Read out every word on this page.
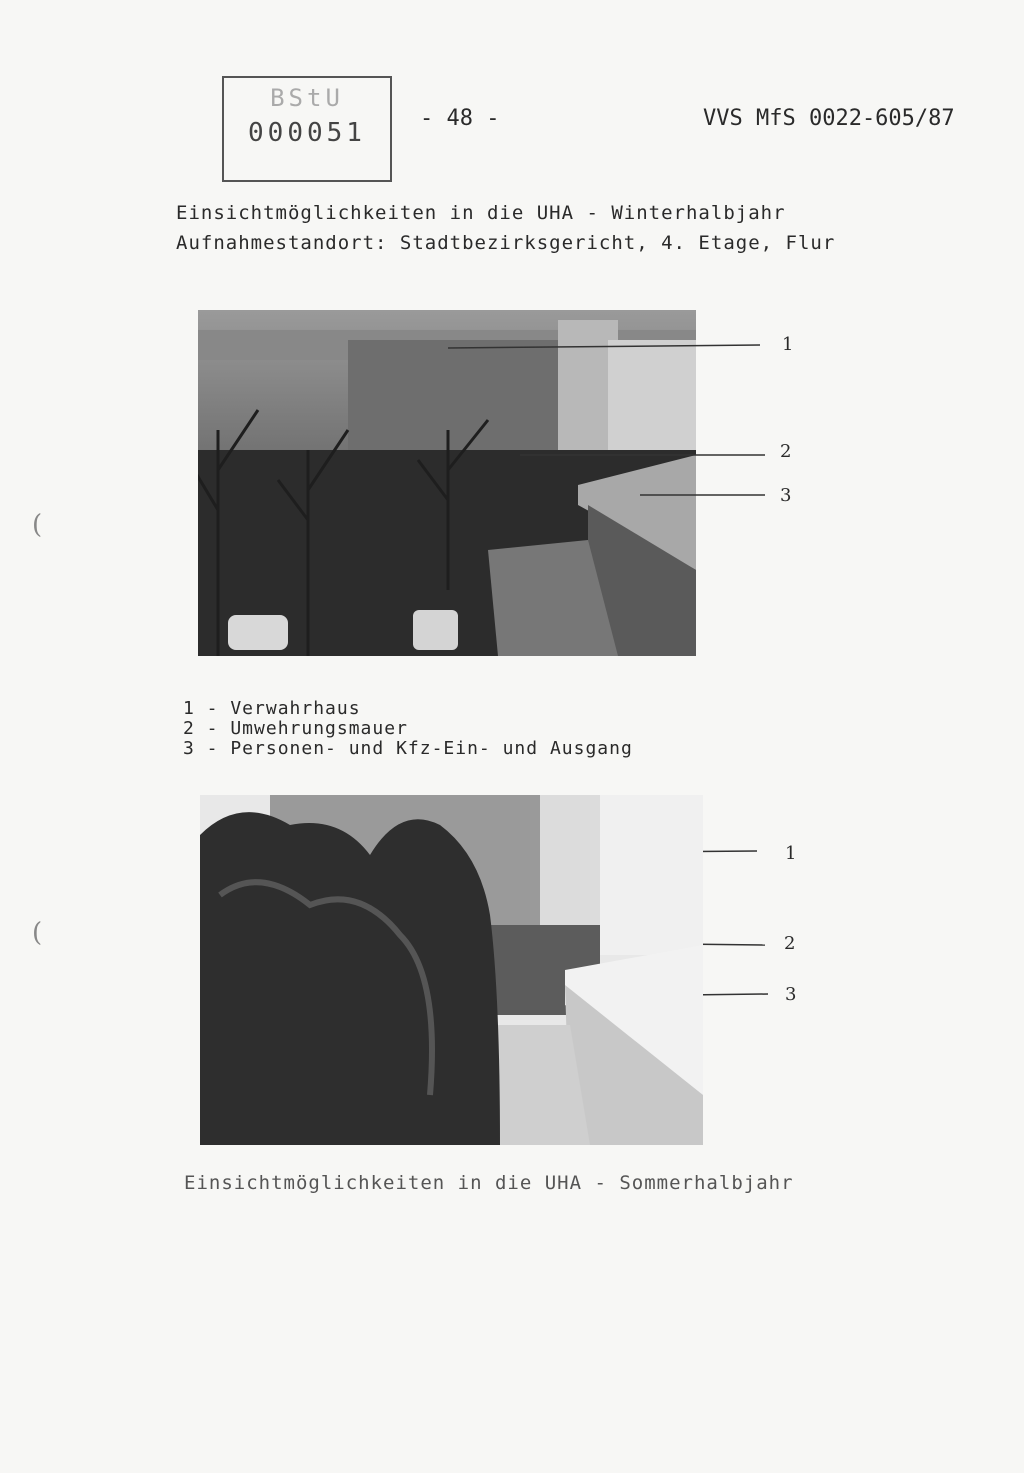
BStU
000051	- 48 -	VVS MfS 0022-605/87
Einsichtmöglichkeiten in die UHA - Winterhalbjahr
Aufnahmestandort: Stadtbezirksgericht, 4. Etage, Flur
1
2
3
1 - Verwahrhaus
2 - Umwehrungsmauer
3 - Personen- und Kfz-Ein- und Ausgang
1
2
3
Einsichtmöglichkeiten in die UHA - Sommerhalbjahr
(
(
